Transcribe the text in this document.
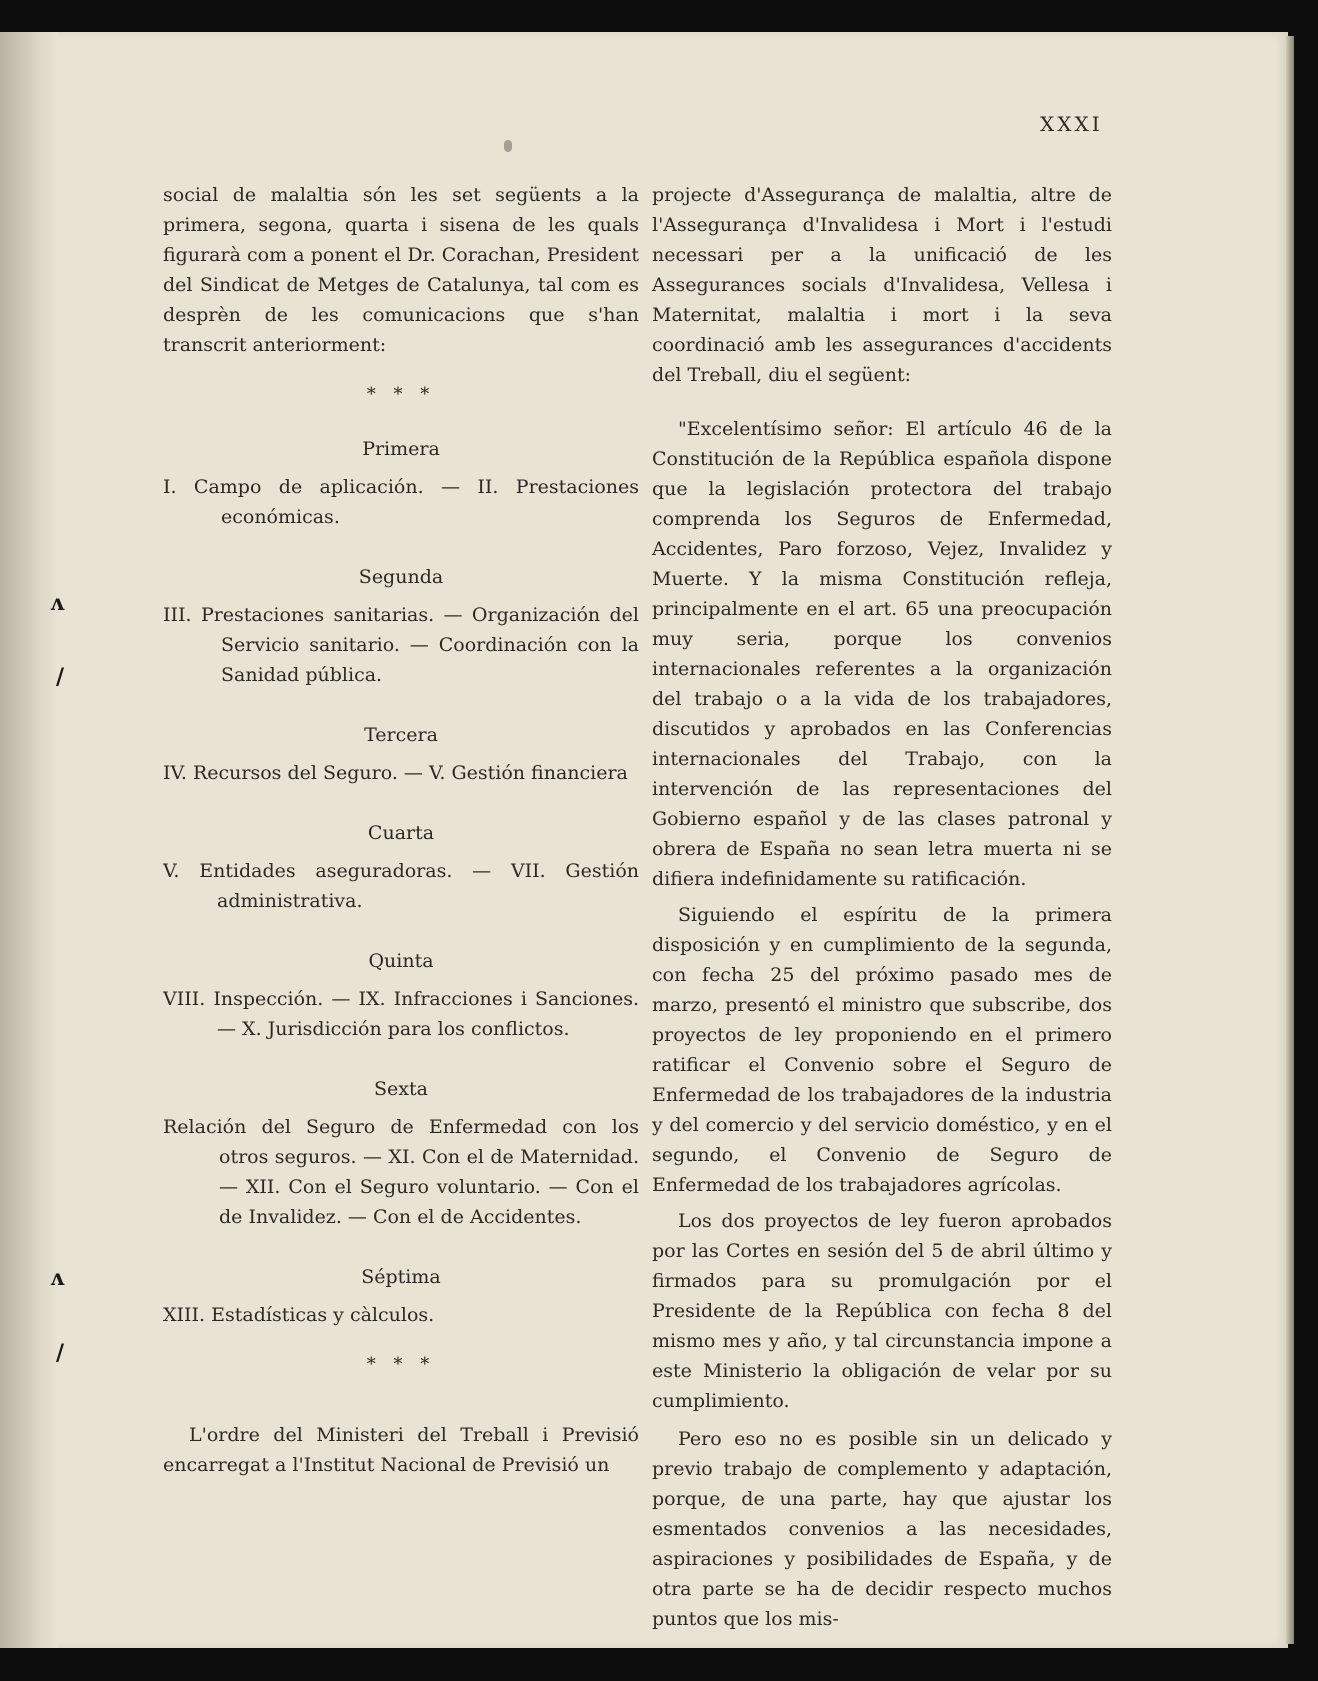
ʌ
/
ʌ
/
XXXI

social de malaltia són les set següents a la primera, segona, quarta i sisena de les quals figurarà com a ponent el Dr. Corachan, President del Sindicat de Metges de Catalunya, tal com es desprèn de les comunicacions que s'han transcrit anteriorment:

* * *
Primera

I. Campo de aplicación. — II. Prestaciones económicas.

Segunda

III. Prestaciones sanitarias. — Organización del Servicio sanitario. — Coordinación con la Sanidad pública.

Tercera

IV. Recursos del Seguro. — V. Gestión financiera

Cuarta

V. Entidades aseguradoras. — VII. Gestión administrativa.

Quinta

VIII. Inspección. — IX. Infracciones i Sanciones. — X. Jurisdicción para los conflictos.

Sexta

Relación del Seguro de Enfermedad con los otros seguros. — XI. Con el de Maternidad. — XII. Con el Seguro voluntario. — Con el de Invalidez. — Con el de Accidentes.

Séptima

XIII. Estadísticas y càlculos.

* * *

L'ordre del Ministeri del Treball i Previsió encarregat a l'Institut Nacional de Previsió un

projecte d'Assegurança de malaltia, altre de l'Assegurança d'Invalidesa i Mort i l'estudi necessari per a la unificació de les Assegurances socials d'Invalidesa, Vellesa i Maternitat, malaltia i mort i la seva coordinació amb les assegurances d'accidents del Treball, diu el següent:

"Excelentísimo señor: El artículo 46 de la Constitución de la República española dispone que la legislación protectora del trabajo comprenda los Seguros de Enfermedad, Accidentes, Paro forzoso, Vejez, Invalidez y Muerte. Y la misma Constitución refleja, principalmente en el art. 65 una preocupación muy seria, porque los convenios internacionales referentes a la organización del trabajo o a la vida de los trabajadores, discutidos y aprobados en las Conferencias internacionales del Trabajo, con la intervención de las representaciones del Gobierno español y de las clases patronal y obrera de España no sean letra muerta ni se difiera indefinidamente su ratificación.

Siguiendo el espíritu de la primera disposición y en cumplimiento de la segunda, con fecha 25 del próximo pasado mes de marzo, presentó el ministro que subscribe, dos proyectos de ley proponiendo en el primero ratificar el Convenio sobre el Seguro de Enfermedad de los trabajadores de la industria y del comercio y del servicio doméstico, y en el segundo, el Convenio de Seguro de Enfermedad de los trabajadores agrícolas.

Los dos proyectos de ley fueron aprobados por las Cortes en sesión del 5 de abril último y firmados para su promulgación por el Presidente de la República con fecha 8 del mismo mes y año, y tal circunstancia impone a este Ministerio la obligación de velar por su cumplimiento.

Pero eso no es posible sin un delicado y previo trabajo de complemento y adaptación, porque, de una parte, hay que ajustar los esmentados convenios a las necesidades, aspiraciones y posibilidades de España, y de otra parte se ha de decidir respecto muchos puntos que los mis-
